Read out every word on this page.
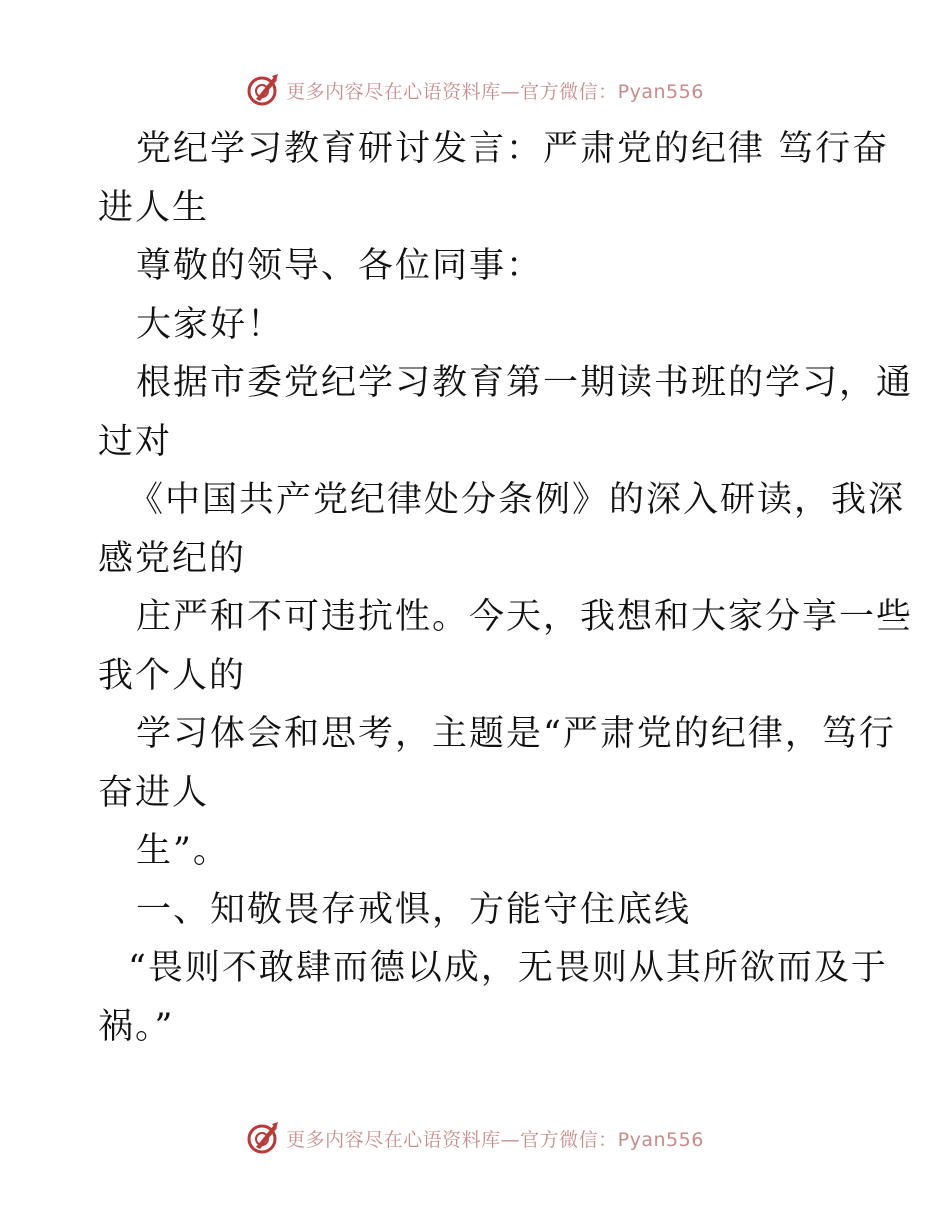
更多内容尽在心语资料库—官方微信：Pyan556
党纪学习教育研讨发言：严肃党的纪律 笃行奋
进人生
尊敬的领导、各位同事：
大家好！
根据市委党纪学习教育第一期读书班的学习，通
过对
《中国共产党纪律处分条例》的深入研读，我深
感党纪的
庄严和不可违抗性。今天，我想和大家分享一些
我个人的
学习体会和思考，主题是“严肃党的纪律，笃行
奋进人
生”。
一、知敬畏存戒惧，方能守住底线
“畏则不敢肆而德以成，无畏则从其所欲而及于
祸。”
更多内容尽在心语资料库—官方微信：Pyan556
